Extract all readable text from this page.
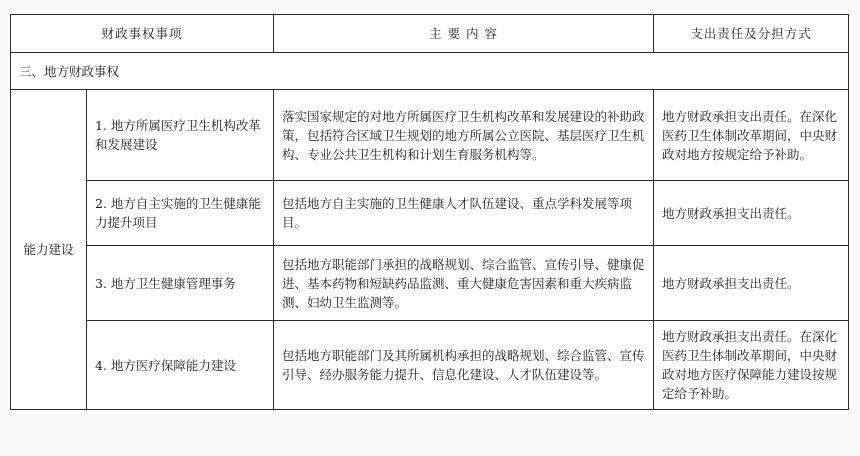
财政事权事项		主 要 内 容	支出责任及分担方式
三、地方财政事权			
能力建设	1. 地方所属医疗卫生机构改革和发展建设	落实国家规定的对地方所属医疗卫生机构改革和发展建设的补助政策，包括符合区域卫生规划的地方所属公立医院、基层医疗卫生机构、专业公共卫生机构和计划生育服务机构等。	地方财政承担支出责任。在深化医药卫生体制改革期间，中央财政对地方按规定给予补助。
	2. 地方自主实施的卫生健康能力提升项目	包括地方自主实施的卫生健康人才队伍建设、重点学科发展等项目。	地方财政承担支出责任。
	3. 地方卫生健康管理事务	包括地方职能部门承担的战略规划、综合监管、宣传引导、健康促进、基本药物和短缺药品监测、重大健康危害因素和重大疾病监测、妇幼卫生监测等。	地方财政承担支出责任。
	4. 地方医疗保障能力建设	包括地方职能部门及其所属机构承担的战略规划、综合监管、宣传引导、经办服务能力提升、信息化建设、人才队伍建设等。	地方财政承担支出责任。在深化医药卫生体制改革期间，中央财政对地方医疗保障能力建设按规定给予补助。
